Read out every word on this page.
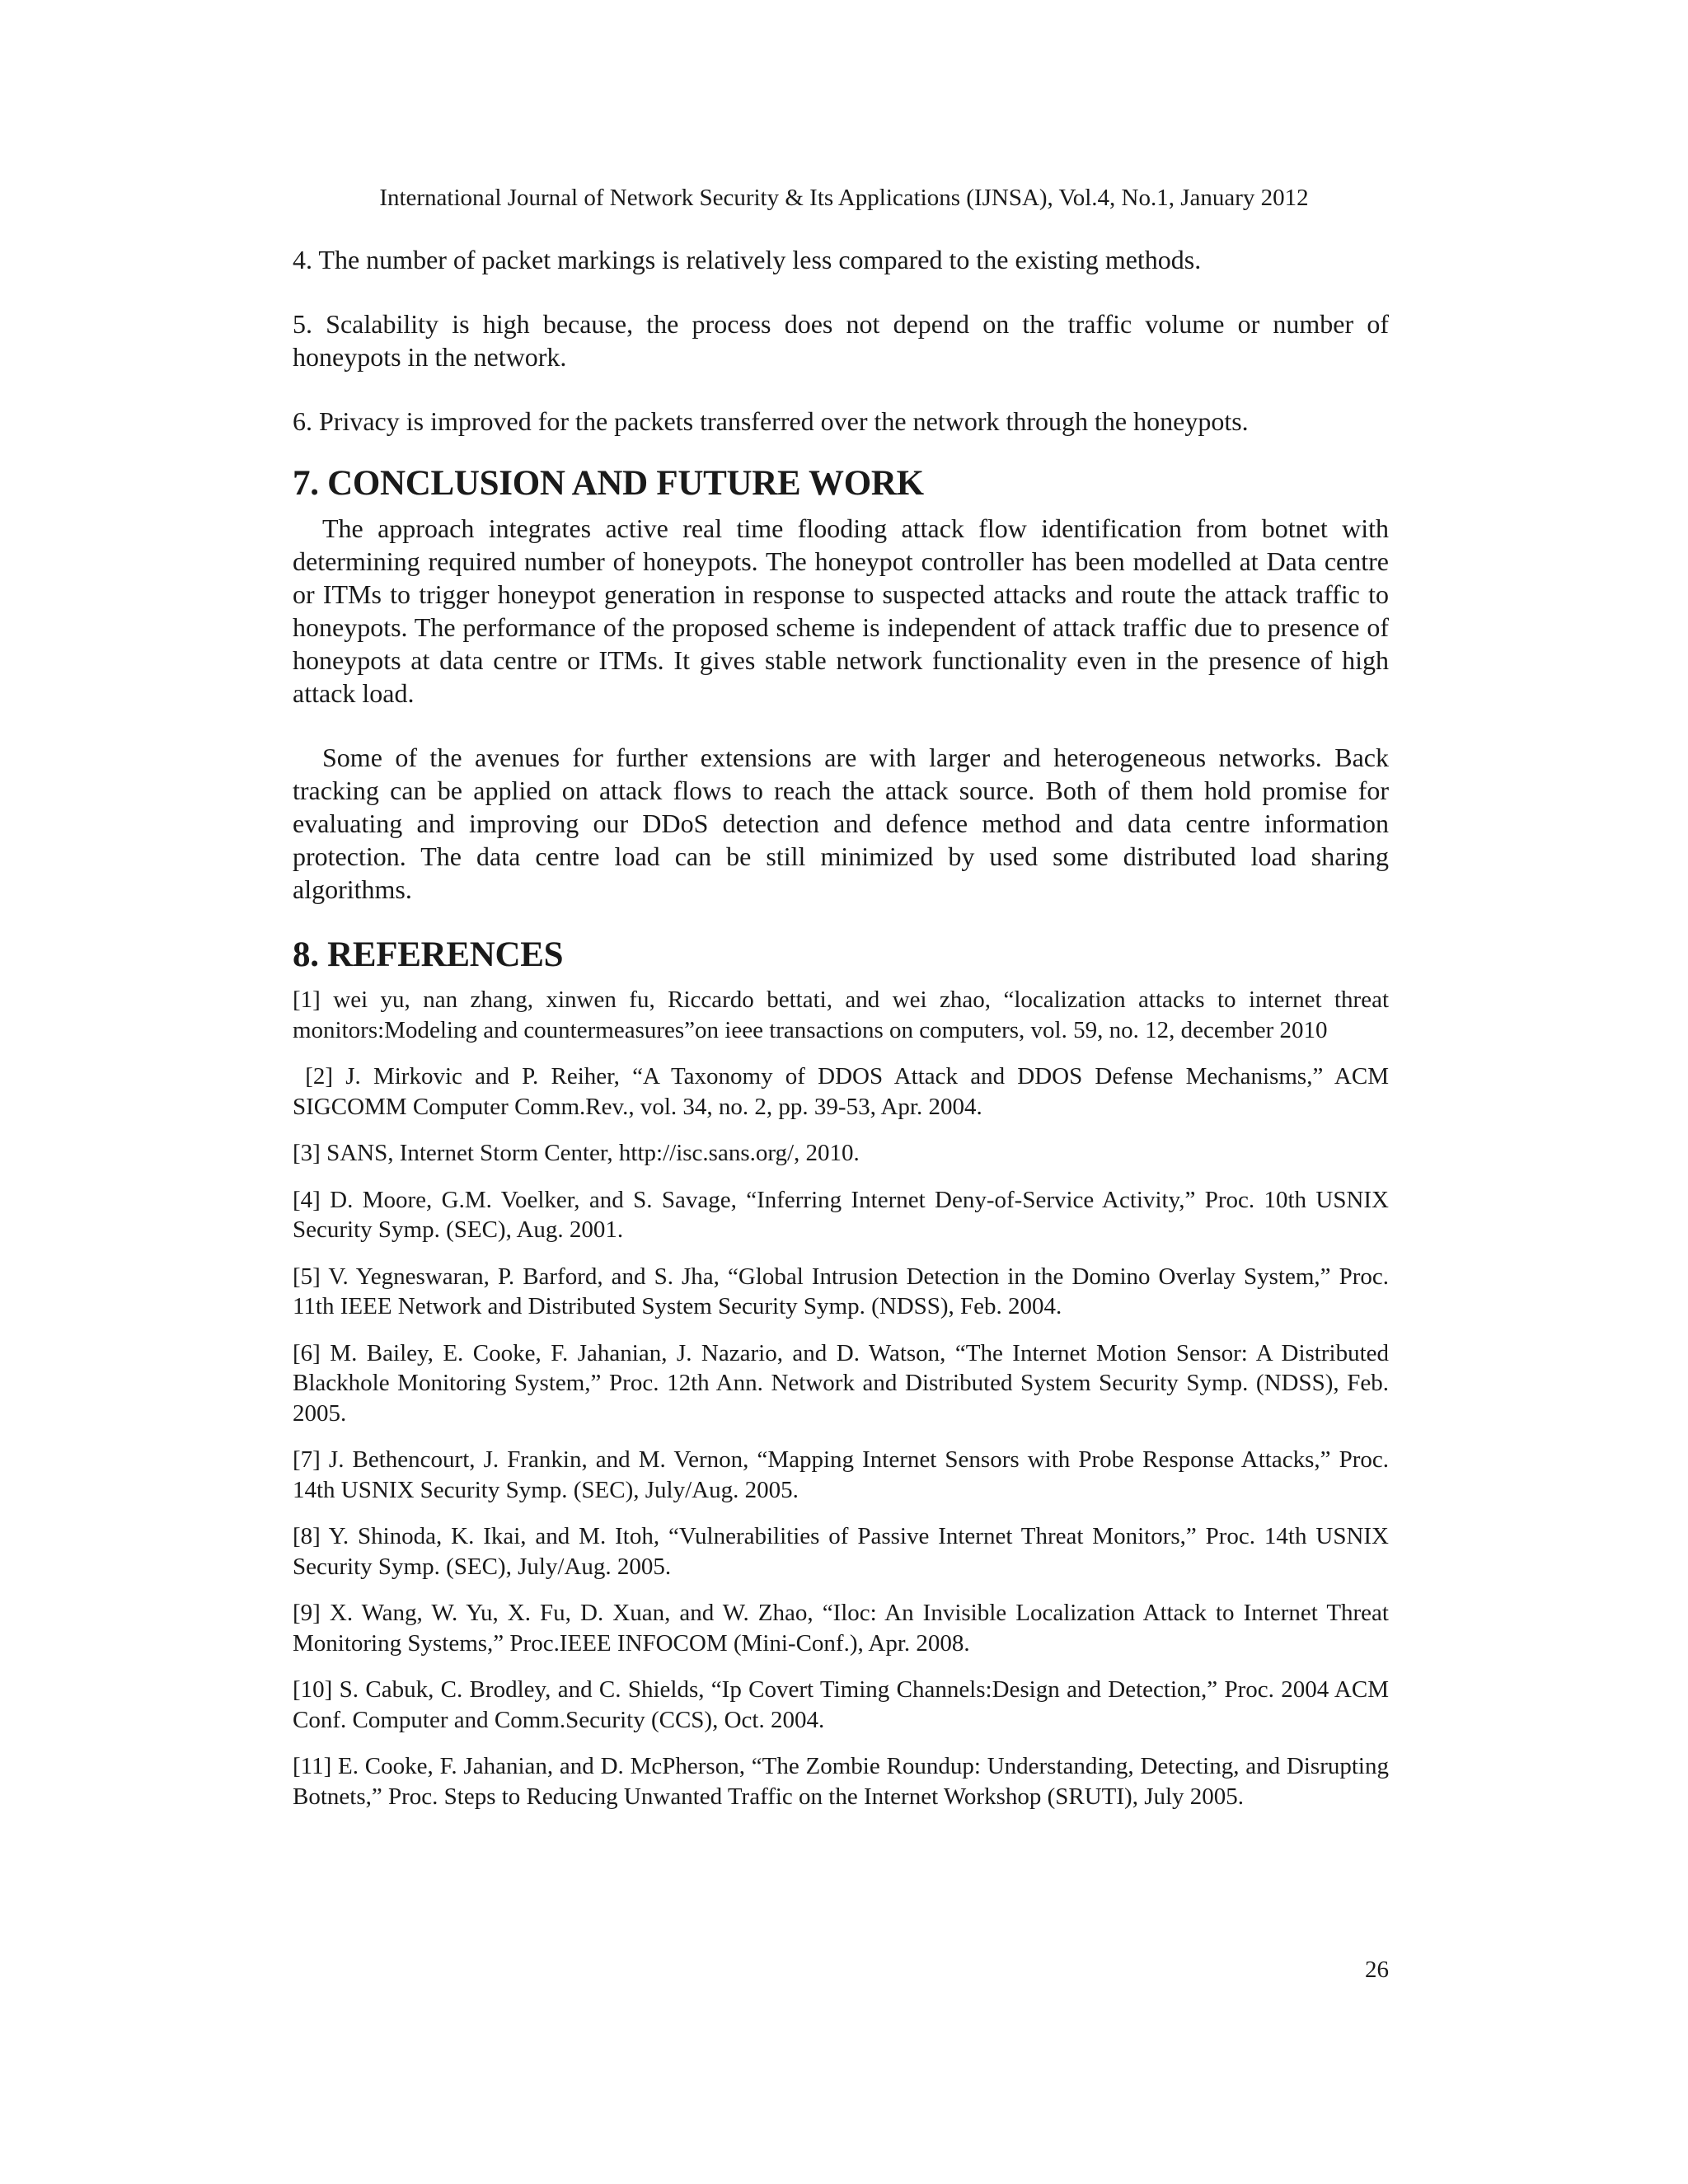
International Journal of Network Security & Its Applications (IJNSA), Vol.4, No.1, January 2012

4. The number of packet markings is relatively less compared to the existing methods.

5. Scalability is high because, the process does not depend on the traffic volume or number of honeypots in the network.

6. Privacy is improved for the packets transferred over the network through the honeypots.

7. CONCLUSION AND FUTURE WORK

The approach integrates active real time flooding attack flow identification from botnet with determining required number of honeypots. The honeypot controller has been modelled at Data centre or ITMs to trigger honeypot generation in response to suspected attacks and route the attack traffic to honeypots. The performance of the proposed scheme is independent of attack traffic due to presence of honeypots at data centre or ITMs. It gives stable network functionality even in the presence of high attack load.

Some of the avenues for further extensions are with larger and heterogeneous networks. Back tracking can be applied on attack flows to reach the attack source. Both of them hold promise for evaluating and improving our DDoS detection and defence method and data centre information protection. The data centre load can be still minimized by used some distributed load sharing algorithms.

8. REFERENCES

[1] wei yu, nan zhang, xinwen fu, Riccardo bettati, and wei zhao, “localization attacks to internet threat monitors:Modeling and countermeasures”on ieee transactions on computers, vol. 59, no. 12, december 2010

[2] J. Mirkovic and P. Reiher, “A Taxonomy of DDOS Attack and DDOS Defense Mechanisms,” ACM SIGCOMM Computer Comm.Rev., vol. 34, no. 2, pp. 39-53, Apr. 2004.

[3] SANS, Internet Storm Center, http://isc.sans.org/, 2010.

[4] D. Moore, G.M. Voelker, and S. Savage, “Inferring Internet Deny-of-Service Activity,” Proc. 10th USNIX Security Symp. (SEC), Aug. 2001.

[5] V. Yegneswaran, P. Barford, and S. Jha, “Global Intrusion Detection in the Domino Overlay System,” Proc. 11th IEEE Network and Distributed System Security Symp. (NDSS), Feb. 2004.

[6] M. Bailey, E. Cooke, F. Jahanian, J. Nazario, and D. Watson, “The Internet Motion Sensor: A Distributed Blackhole Monitoring System,” Proc. 12th Ann. Network and Distributed System Security Symp. (NDSS), Feb. 2005.

[7] J. Bethencourt, J. Frankin, and M. Vernon, “Mapping Internet Sensors with Probe Response Attacks,” Proc. 14th USNIX Security Symp. (SEC), July/Aug. 2005.

[8] Y. Shinoda, K. Ikai, and M. Itoh, “Vulnerabilities of Passive Internet Threat Monitors,” Proc. 14th USNIX Security Symp. (SEC), July/Aug. 2005.

[9] X. Wang, W. Yu, X. Fu, D. Xuan, and W. Zhao, “Iloc: An Invisible Localization Attack to Internet Threat Monitoring Systems,” Proc.IEEE INFOCOM (Mini-Conf.), Apr. 2008.

[10] S. Cabuk, C. Brodley, and C. Shields, “Ip Covert Timing Channels:Design and Detection,” Proc. 2004 ACM Conf. Computer and Comm.Security (CCS), Oct. 2004.

[11] E. Cooke, F. Jahanian, and D. McPherson, “The Zombie Roundup: Understanding, Detecting, and Disrupting Botnets,” Proc. Steps to Reducing Unwanted Traffic on the Internet Workshop (SRUTI), July 2005.

26
